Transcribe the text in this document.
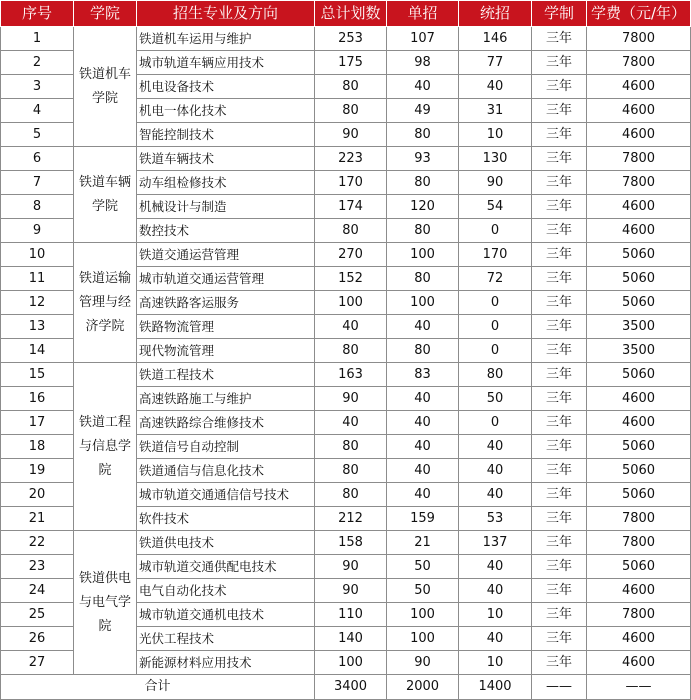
序号	学院	招生专业及方向	总计划数	单招	统招	学制	学费（元/年）
1	铁道机车学院	铁道机车运用与维护	253	107	146	三年	7800
2		城市轨道车辆应用技术	175	98	77	三年	7800
3		机电设备技术	80	40	40	三年	4600
4		机电一体化技术	80	49	31	三年	4600
5		智能控制技术	90	80	10	三年	4600
6	铁道车辆学院	铁道车辆技术	223	93	130	三年	7800
7		动车组检修技术	170	80	90	三年	7800
8		机械设计与制造	174	120	54	三年	4600
9		数控技术	80	80	0	三年	4600
10	铁道运输管理与经济学院	铁道交通运营管理	270	100	170	三年	5060
11		城市轨道交通运营管理	152	80	72	三年	5060
12		高速铁路客运服务	100	100	0	三年	5060
13		铁路物流管理	40	40	0	三年	3500
14		现代物流管理	80	80	0	三年	3500
15	铁道工程与信息学院	铁道工程技术	163	83	80	三年	5060
16		高速铁路施工与维护	90	40	50	三年	4600
17		高速铁路综合维修技术	40	40	0	三年	4600
18		铁道信号自动控制	80	40	40	三年	5060
19		铁道通信与信息化技术	80	40	40	三年	5060
20		城市轨道交通通信信号技术	80	40	40	三年	5060
21		软件技术	212	159	53	三年	7800
22	铁道供电与电气学院	铁道供电技术	158	21	137	三年	7800
23		城市轨道交通供配电技术	90	50	40	三年	5060
24		电气自动化技术	90	50	40	三年	4600
25		城市轨道交通机电技术	110	100	10	三年	7800
26		光伏工程技术	140	100	40	三年	4600
27		新能源材料应用技术	100	90	10	三年	4600
合计			3400	2000	1400	——	——
